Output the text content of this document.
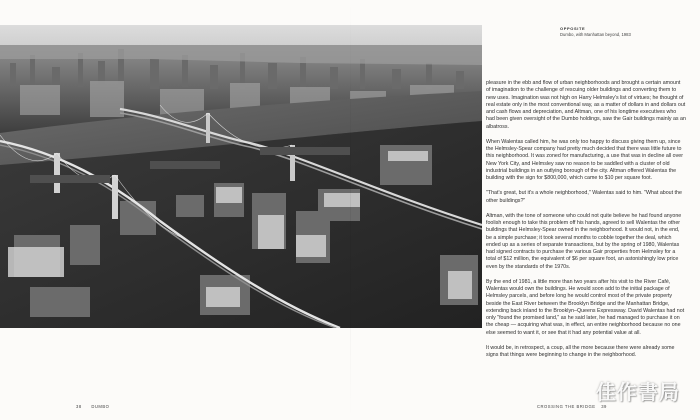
OPPOSITE
Dumbo, with Manhattan beyond, 1983

pleasure in the ebb and flow of urban neighborhoods and brought a certain amount of imagination to the challenge of rescuing older buildings and converting them to new uses. Imagination was not high on Harry Helmsley's list of virtues; he thought of real estate only in the most conventional way, as a matter of dollars in and dollars out and cash flows and depreciation, and Altman, one of his longtime executives who had been given oversight of the Dumbo holdings, saw the Gair buildings mainly as an albatross.

When Walentas called him, he was only too happy to discuss giving them up, since the Helmsley-Spear company had pretty much decided that there was little future to this neighborhood. It was zoned for manufacturing, a use that was in decline all over New York City, and Helmsley saw no reason to be saddled with a cluster of old industrial buildings in an outlying borough of the city. Altman offered Walentas the building with the sign for $800,000, which came to $10 per square foot.

"That's great, but it's a whole neighborhood," Walentas said to him. "What about the other buildings?"

Altman, with the tone of someone who could not quite believe he had found anyone foolish enough to take this problem off his hands, agreed to sell Walentas the other buildings that Helmsley-Spear owned in the neighborhood. It would not, in the end, be a simple purchase; it took several months to cobble together the deal, which ended up as a series of separate transactions, but by the spring of 1980, Walentas had signed contracts to purchase the various Gair properties from Helmsley for a total of $12 million, the equivalent of $6 per square foot, an astonishingly low price even by the standards of the 1970s.

By the end of 1981, a little more than two years after his visit to the River Café, Walentas would own the buildings. He would soon add to the initial package of Helmsley parcels, and before long he would control most of the private property beside the East River between the Brooklyn Bridge and the Manhattan Bridge, extending back inland to the Brooklyn–Queens Expressway. David Walentas had not only "found the promised land," as he said later, he had managed to purchase it on the cheap — acquiring what was, in effect, an entire neighborhood because no one else seemed to want it, or see that it had any potential value at all.

It would be, in retrospect, a coup, all the more because there were already some signs that things were beginning to change in the neighborhood.

38 DUMBO	CROSSING THE BRIDGE 39
佳作書局
